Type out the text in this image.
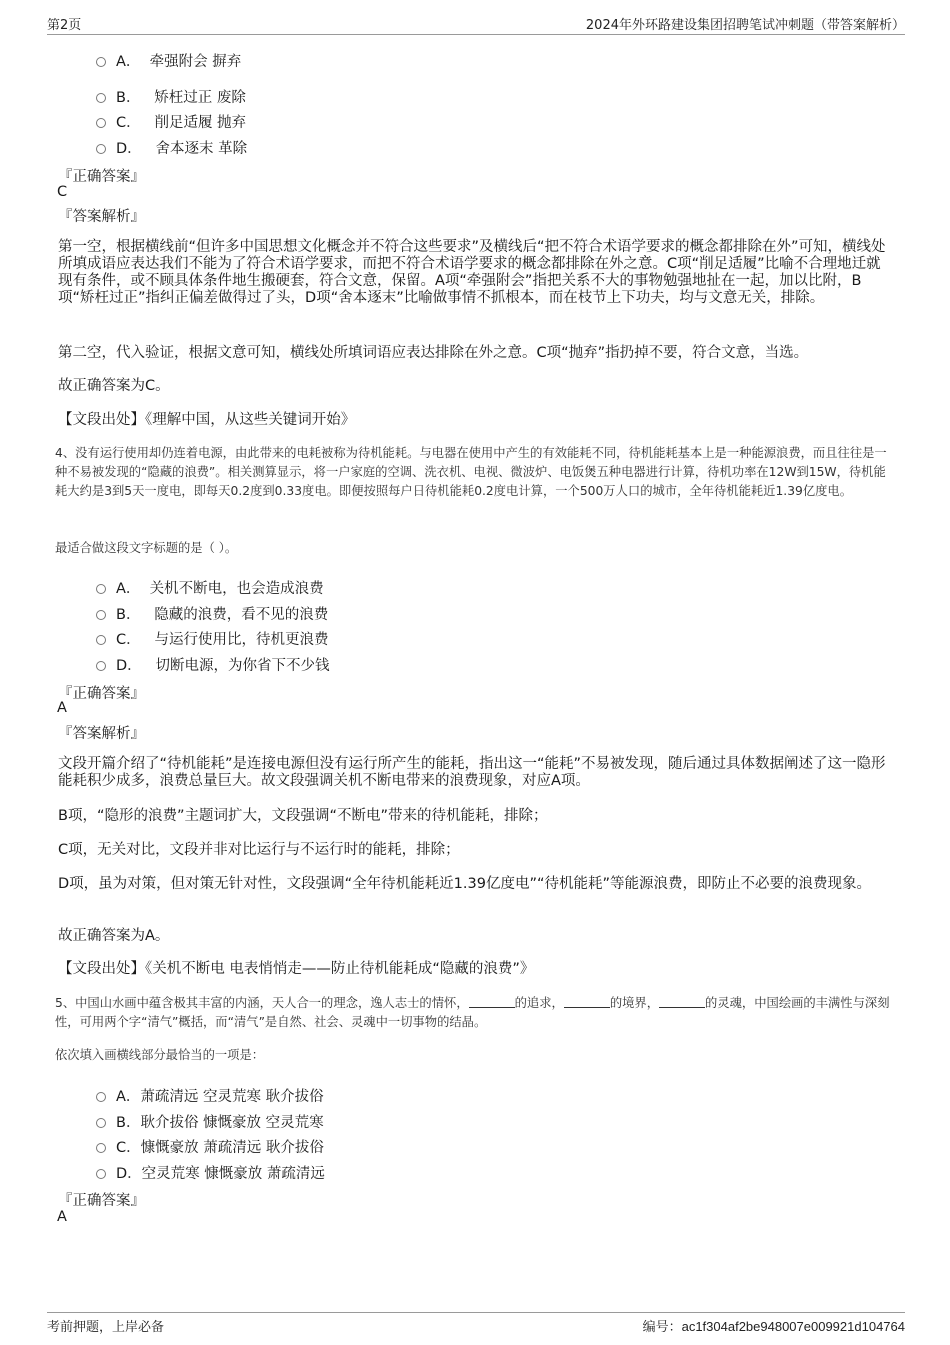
第2页	2024年外环路建设集团招聘笔试冲刺题（带答案解析）
A． 牵强附会 摒弃
B． 矫枉过正 废除
C． 削足适履 抛弃
D． 舍本逐末 革除
『正确答案』
C
『答案解析』
第一空，根据横线前“但许多中国思想文化概念并不符合这些要求”及横线后“把不符合术语学要求的概念都排除在外”可知，横线处所填成语应表达我们不能为了符合术语学要求，而把不符合术语学要求的概念都排除在外之意。C项“削足适履”比喻不合理地迁就现有条件，或不顾具体条件地生搬硬套，符合文意，保留。A项“牵强附会”指把关系不大的事物勉强地扯在一起，加以比附，B项“矫枉过正”指纠正偏差做得过了头，D项“舍本逐末”比喻做事情不抓根本，而在枝节上下功夫，均与文意无关，排除。
第二空，代入验证，根据文意可知，横线处所填词语应表达排除在外之意。C项“抛弃”指扔掉不要，符合文意，当选。
故正确答案为C。
【文段出处】《理解中国，从这些关键词开始》
4、没有运行使用却仍连着电源，由此带来的电耗被称为待机能耗。与电器在使用中产生的有效能耗不同，待机能耗基本上是一种能源浪费，而且往往是一种不易被发现的“隐藏的浪费”。相关测算显示，将一户家庭的空调、洗衣机、电视、微波炉、电饭煲五种电器进行计算，待机功率在12W到15W，待机能耗大约是3到5天一度电，即每天0.2度到0.33度电。即便按照每户日待机能耗0.2度电计算，一个500万人口的城市，全年待机能耗近1.39亿度电。
最适合做这段文字标题的是（ ）。
A． 关机不断电，也会造成浪费
B． 隐藏的浪费，看不见的浪费
C． 与运行使用比，待机更浪费
D． 切断电源，为你省下不少钱
『正确答案』
A
『答案解析』
文段开篇介绍了“待机能耗”是连接电源但没有运行所产生的能耗，指出这一“能耗”不易被发现，随后通过具体数据阐述了这一隐形能耗积少成多，浪费总量巨大。故文段强调关机不断电带来的浪费现象，对应A项。
B项，“隐形的浪费”主题词扩大，文段强调“不断电”带来的待机能耗，排除；
C项，无关对比，文段并非对比运行与不运行时的能耗，排除；
D项，虽为对策，但对策无针对性，文段强调“全年待机能耗近1.39亿度电”“待机能耗”等能源浪费，即防止不必要的浪费现象。
故正确答案为A。
【文段出处】《关机不断电 电表悄悄走——防止待机能耗成“隐藏的浪费”》
5、中国山水画中蕴含极其丰富的内涵，天人合一的理念，逸人志士的情怀，	的追求，	的境界，	的灵魂，中国绘画的丰满性与深刻性，可用两个字“清气”概括，而“清气”是自然、社会、灵魂中一切事物的结晶。
依次填入画横线部分最恰当的一项是：
A．萧疏清远 空灵荒寒 耿介拔俗
B．耿介拔俗 慷慨豪放 空灵荒寒
C．慷慨豪放 萧疏清远 耿介拔俗
D．空灵荒寒 慷慨豪放 萧疏清远
『正确答案』
A
考前押题，上岸必备	编号：ac1f304af2be948007e009921d104764
